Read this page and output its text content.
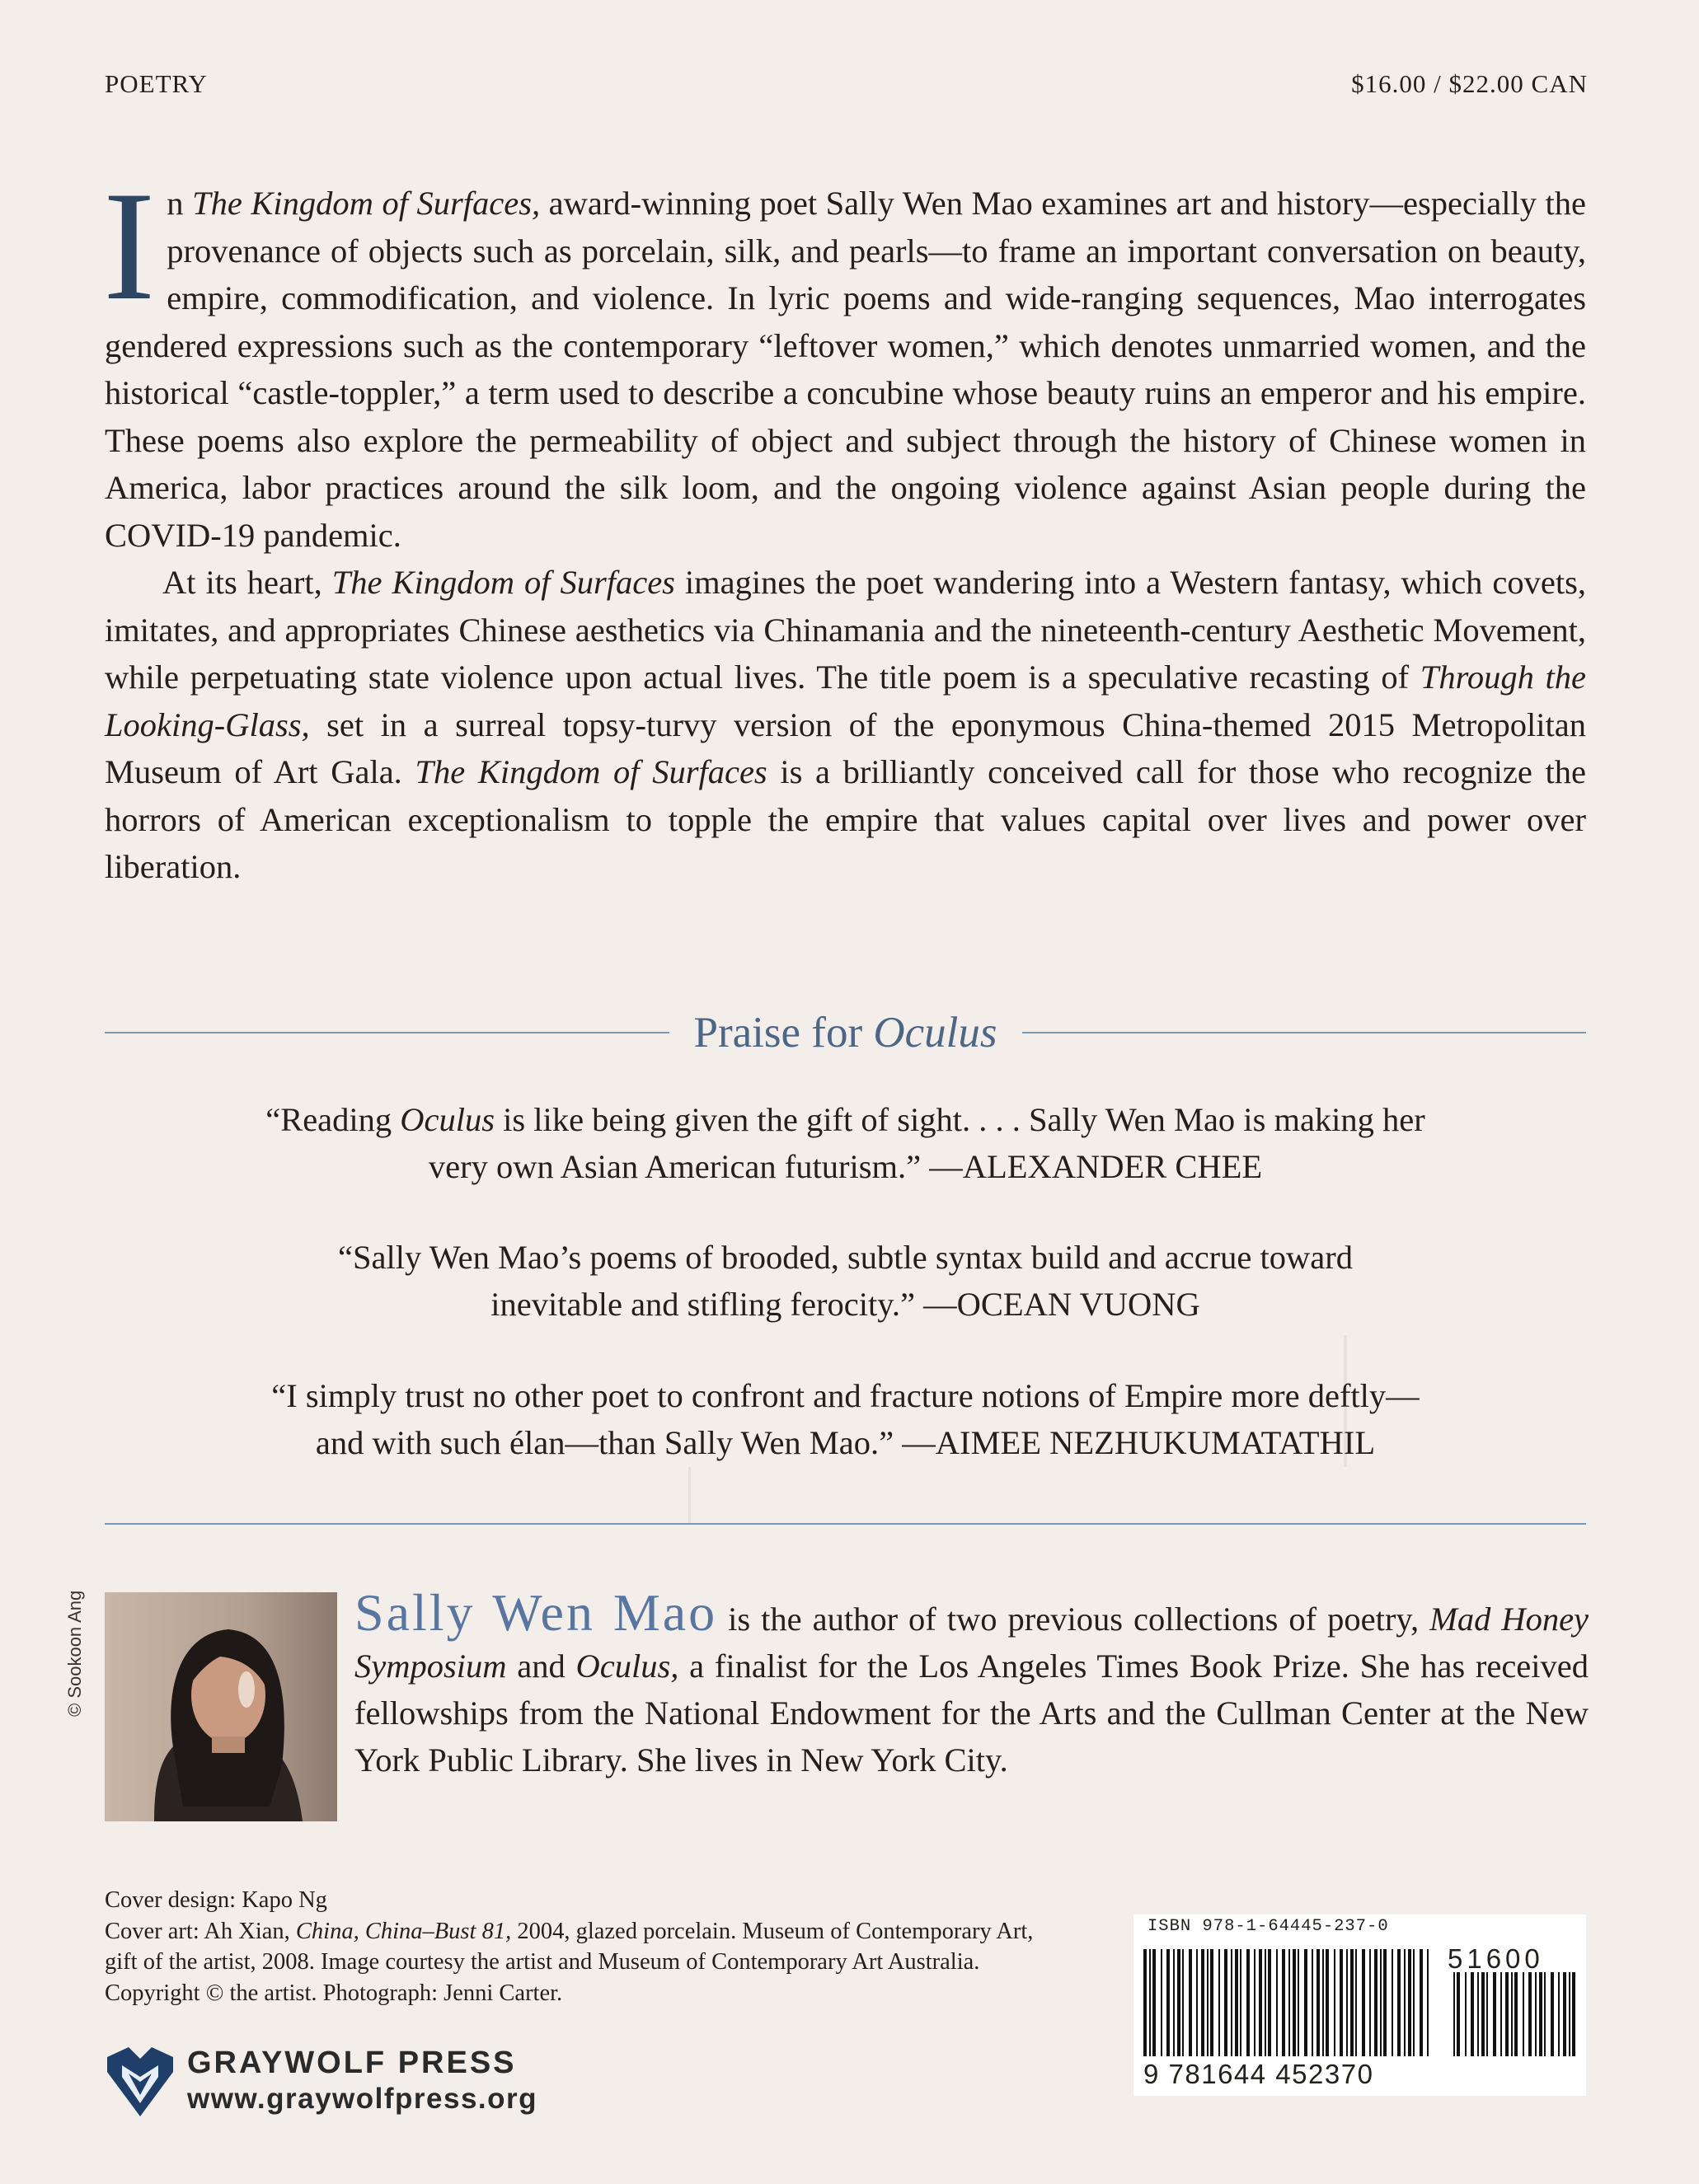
POETRY	$16.00 / $22.00 CAN

In The Kingdom of Surfaces, award-winning poet Sally Wen Mao examines art and history—especially the provenance of objects such as porcelain, silk, and pearls—to frame an important conversation on beauty, empire, commodification, and violence. In lyric poems and wide-ranging sequences, Mao interrogates gendered expressions such as the contemporary “leftover women,” which denotes unmarried women, and the historical “castle-toppler,” a term used to describe a concubine whose beauty ruins an emperor and his empire. These poems also explore the permeability of object and subject through the history of Chinese women in America, labor practices around the silk loom, and the ongoing violence against Asian people during the COVID-19 pandemic.

At its heart, The Kingdom of Surfaces imagines the poet wandering into a Western fantasy, which covets, imitates, and appropriates Chinese aesthetics via Chinamania and the nineteenth-century Aesthetic Movement, while perpetuating state violence upon actual lives. The title poem is a speculative recasting of Through the Looking-Glass, set in a surreal topsy-turvy version of the eponymous China-themed 2015 Metropolitan Museum of Art Gala. The Kingdom of Surfaces is a brilliantly conceived call for those who recognize the horrors of American exceptionalism to topple the empire that values capital over lives and power over liberation.

Praise for Oculus
“Reading Oculus is like being given the gift of sight. . . . Sally Wen Mao is making her
very own Asian American futurism.” —ALEXANDER CHEE
“Sally Wen Mao’s poems of brooded, subtle syntax build and accrue toward
inevitable and stifling ferocity.” —OCEAN VUONG
“I simply trust no other poet to confront and fracture notions of Empire more deftly—
and with such élan—than Sally Wen Mao.” —AIMEE NEZHUKUMATATHIL
© Sookoon Ang	Sally Wen Mao is the author of two previous collections of poetry, Mad Honey Symposium and Oculus, a finalist for the Los Angeles Times Book Prize. She has received fellowships from the National Endowment for the Arts and the Cullman Center at the New York Public Library. She lives in New York City.

Cover design: Kapo Ng

Cover art: Ah Xian, China, China–Bust 81, 2004, glazed porcelain. Museum of Contemporary Art, gift of the artist, 2008. Image courtesy the artist and Museum of Contemporary Art Australia. Copyright © the artist. Photograph: Jenni Carter.

GRAYWOLF PRESS
www.graywolfpress.org
ISBN 978-1-64445-237-0
51600
9 781644 452370
